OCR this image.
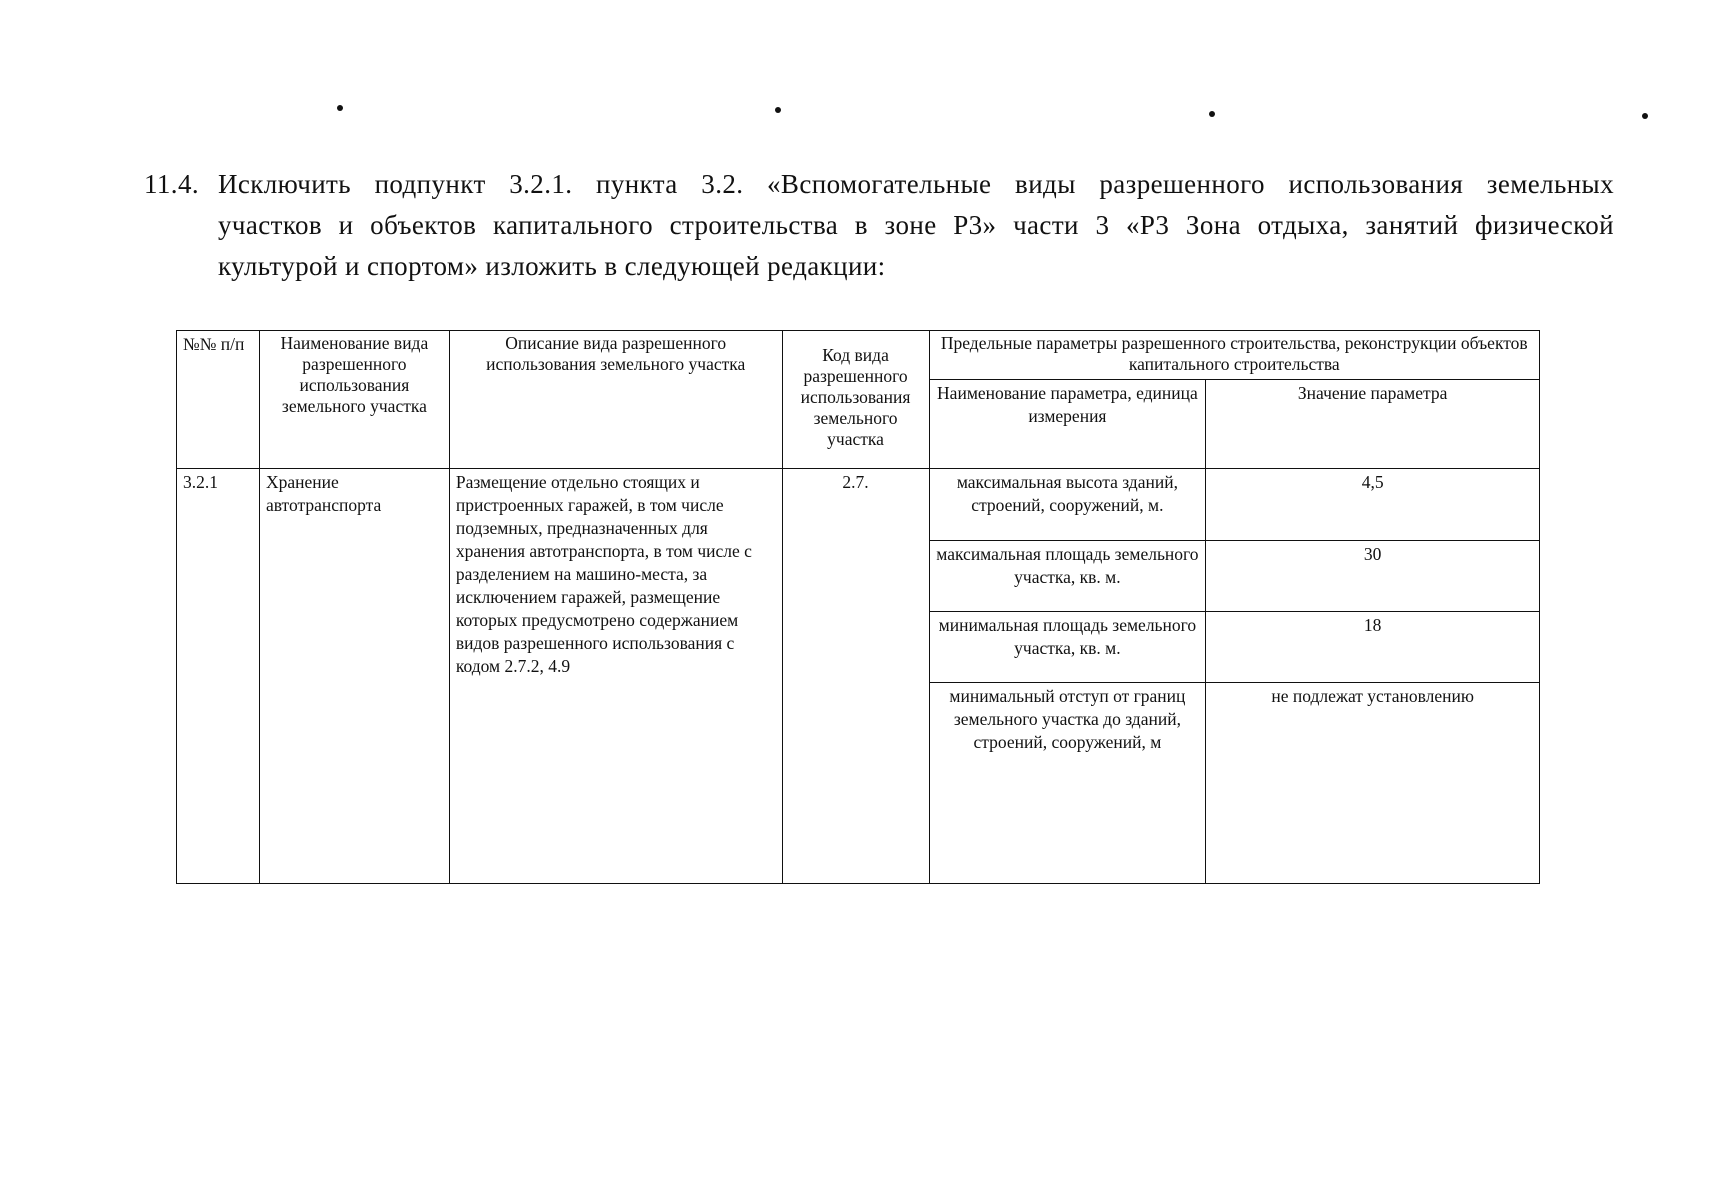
11.4. Исключить подпункт 3.2.1. пункта 3.2. «Вспомогательные виды разрешенного использования земельных
участков и объектов капитального строительства в зоне Р3» части 3 «Р3 Зона отдыха, занятий физической
культурой и спортом» изложить в следующей редакции:
№№ п/п	Наименование вида разрешенного использования земельного участка	Описание вида разрешенного использования земельного участка	Код вида разрешенного использования земельного участка	Предельные параметры разрешенного строительства, реконструкции объектов капитального строительства	
				Наименование параметра, единица измерения	Значение параметра
3.2.1	Хранение автотранспорта	Размещение отдельно стоящих и пристроенных гаражей, в том числе подземных, предназначенных для хранения автотранспорта, в том числе с разделением на машино-места, за исключением гаражей, размещение которых предусмотрено содержанием видов разрешенного использования с кодом 2.7.2, 4.9	2.7.	максимальная высота зданий, строений, сооружений, м.	4,5
				максимальная площадь земельного участка, кв. м.	30
				минимальная площадь земельного участка, кв. м.	18
				минимальный отступ от границ земельного участка до зданий, строений, сооружений, м	не подлежат установлению
